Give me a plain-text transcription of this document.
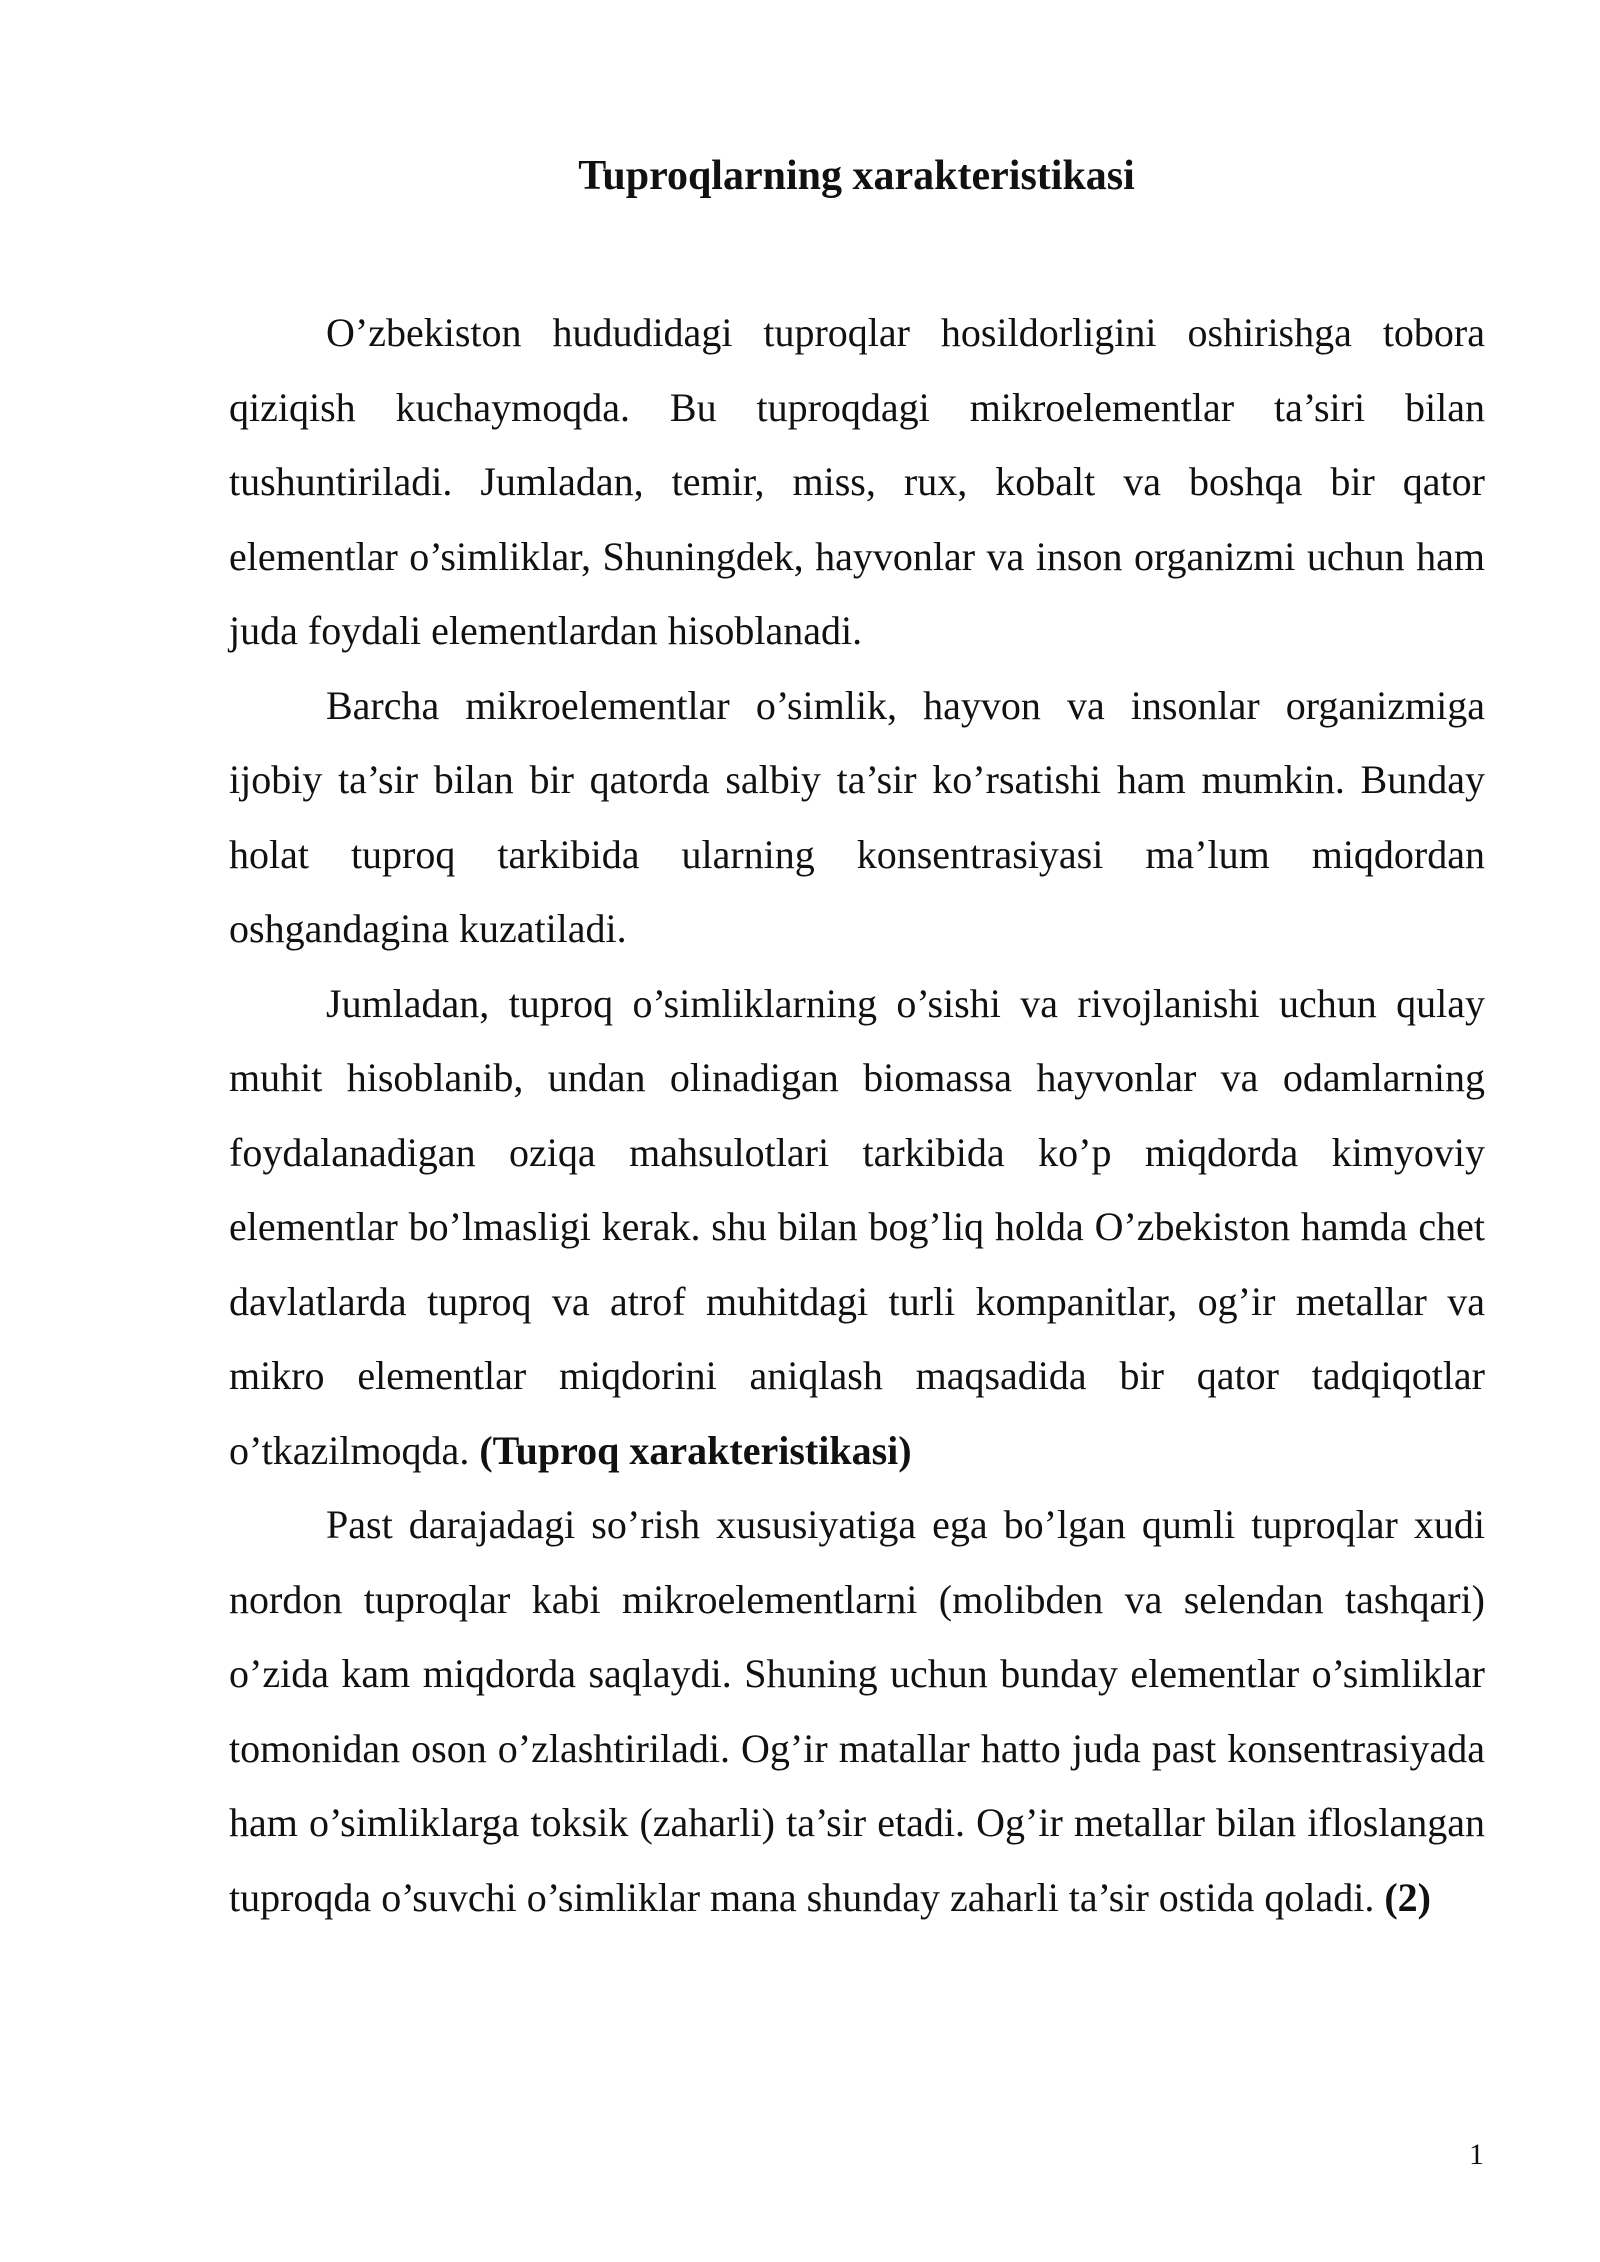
Tuproqlarning xarakteristikasi

O’zbekiston hududidagi tuproqlar hosildorligini oshirishga tobora qiziqish kuchaymoqda. Bu tuproqdagi mikroelementlar ta’siri bilan tushuntiriladi. Jumladan, temir, miss, rux, kobalt va boshqa bir qator elementlar o’simliklar, Shuningdek, hayvonlar va inson organizmi uchun ham juda foydali elementlardan hisoblanadi.

Barcha mikroelementlar o’simlik, hayvon va insonlar organizmiga ijobiy ta’sir bilan bir qatorda salbiy ta’sir ko’rsatishi ham mumkin. Bunday holat tuproq tarkibida ularning konsentrasiyasi ma’lum miqdordan oshgandagina kuzatiladi.

Jumladan, tuproq o’simliklarning o’sishi va rivojlanishi uchun qulay muhit hisoblanib, undan olinadigan biomassa hayvonlar va odamlarning foydalanadigan oziqa mahsulotlari tarkibida ko’p miqdorda kimyoviy elementlar bo’lmasligi kerak. shu bilan bog’liq holda O’zbekiston hamda chet davlatlarda tuproq va atrof muhitdagi turli kompanitlar, og’ir metallar va mikro elementlar miqdorini aniqlash maqsadida bir qator tadqiqotlar o’tkazilmoqda. (Tuproq xarakteristikasi)

Past darajadagi so’rish xususiyatiga ega bo’lgan qumli tuproqlar xudi nordon tuproqlar kabi mikroelementlarni (molibden va selendan tashqari) o’zida kam miqdorda saqlaydi. Shuning uchun bunday elementlar o’simliklar tomonidan oson o’zlashtiriladi. Og’ir matallar hatto juda past konsentrasiyada ham o’simliklarga toksik (zaharli) ta’sir etadi. Og’ir metallar bilan ifloslangan tuproqda o’suvchi o’simliklar mana shunday zaharli ta’sir ostida qoladi. (2)

1
